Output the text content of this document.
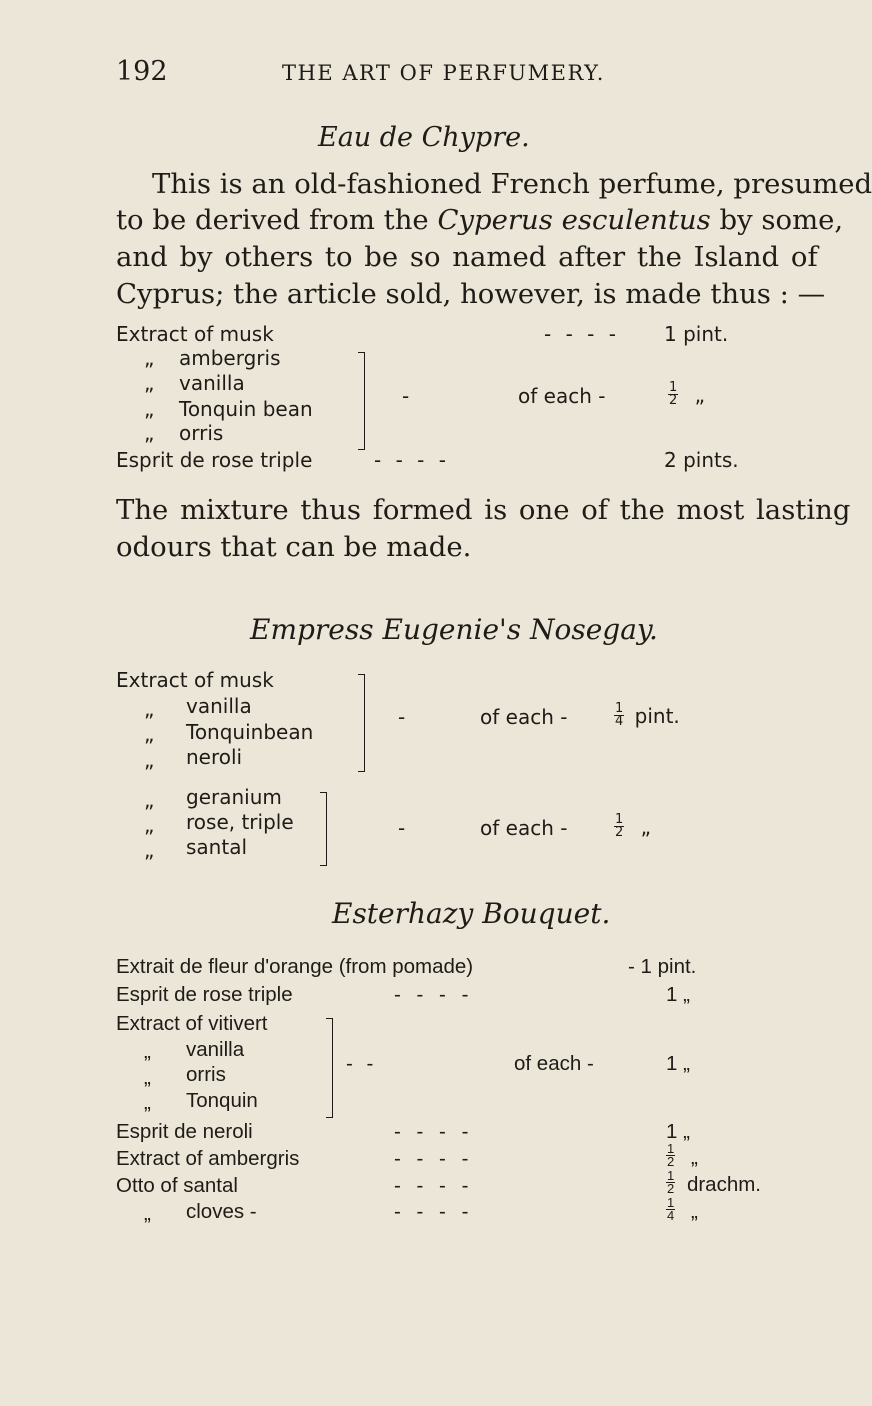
192	THE ART OF PERFUMERY.
Eau de Chypre.
This is an old-fashioned French perfume, presumed
to be derived from the Cyperus esculentus by some,
and by others to be so named after the Island of
Cyprus; the article sold, however, is made thus : —
Extract of musk	- - - - 1 pint.
„ ambergris
„ vanilla
„ Tonquin bean
„ orris
-	of each -	$\frac{1}{2}$ „
Esprit de rose triple	- - - -	2 pints.
The mixture thus formed is one of the most lasting
odours that can be made.
Empress Eugenie's Nosegay.
Extract of musk
„ vanilla
„ Tonquinbean
„ neroli
-	of each -	$\frac{1}{4}$ pint.
„ geranium
„ rose, triple
„ santal
-	of each -	$\frac{1}{2}$ „
Esterhazy Bouquet.
Extrait de fleur d'orange (from pomade)	- 1 pint.
Esprit de rose triple	- - - -	1 „
Extract of vitivert
„ vanilla
„ orris
„ Tonquin
- -	of each -	1 „
Esprit de neroli	- - - -	1 „
Extract of ambergris	- - - -	$\frac{1}{2}$ „
Otto of santal	- - - -	$\frac{1}{2}$ drachm.
„ cloves -	- - - -	$\frac{1}{4}$ „
